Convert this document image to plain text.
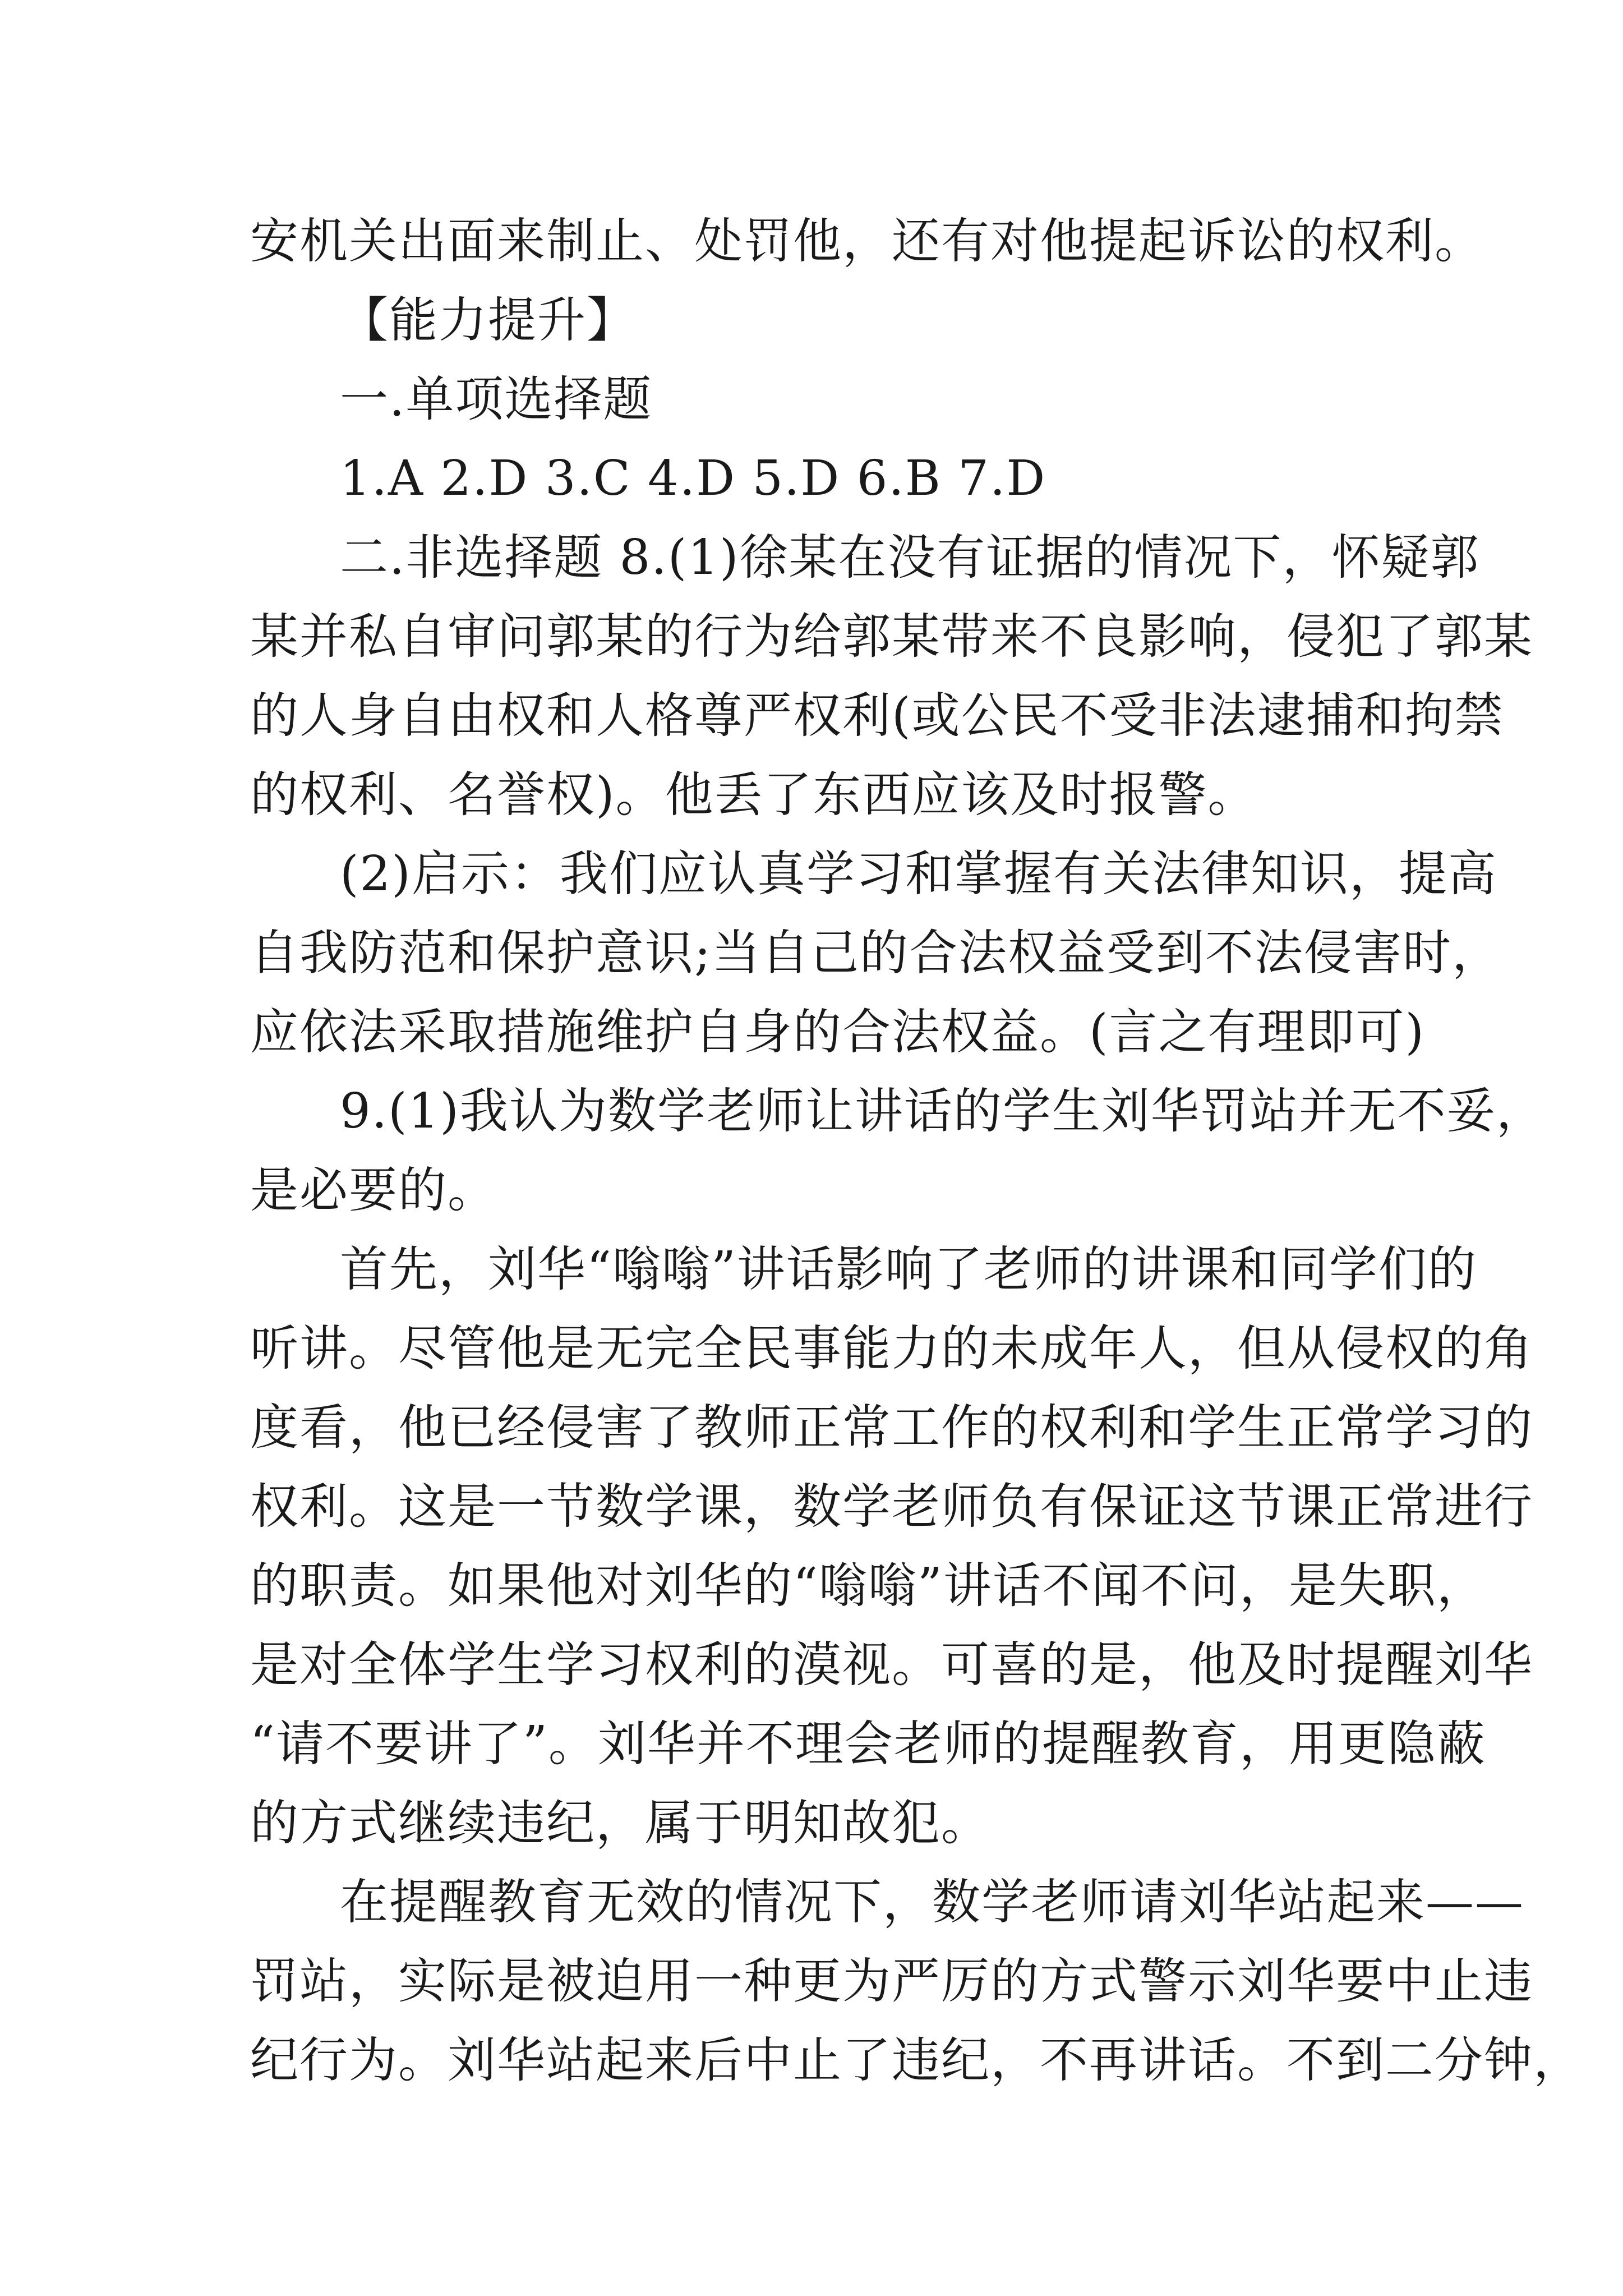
安机关出面来制止、处罚他，还有对他提起诉讼的权利。
【能力提升】
一.单项选择题
1.A 2.D 3.C 4.D 5.D 6.B 7.D
二.非选择题 8.(1)徐某在没有证据的情况下，怀疑郭
某并私自审问郭某的行为给郭某带来不良影响，侵犯了郭某
的人身自由权和人格尊严权利(或公民不受非法逮捕和拘禁
的权利、名誉权)。他丢了东西应该及时报警。
(2)启示：我们应认真学习和掌握有关法律知识，提高
自我防范和保护意识;当自己的合法权益受到不法侵害时，
应依法采取措施维护自身的合法权益。(言之有理即可)
9.(1)我认为数学老师让讲话的学生刘华罚站并无不妥，
是必要的。
首先，刘华“嗡嗡”讲话影响了老师的讲课和同学们的
听讲。尽管他是无完全民事能力的未成年人，但从侵权的角
度看，他已经侵害了教师正常工作的权利和学生正常学习的
权利。这是一节数学课，数学老师负有保证这节课正常进行
的职责。如果他对刘华的“嗡嗡”讲话不闻不问，是失职，
是对全体学生学习权利的漠视。可喜的是，他及时提醒刘华
“请不要讲了”。刘华并不理会老师的提醒教育，用更隐蔽
的方式继续违纪，属于明知故犯。
在提醒教育无效的情况下，数学老师请刘华站起来——
罚站，实际是被迫用一种更为严厉的方式警示刘华要中止违
纪行为。刘华站起来后中止了违纪，不再讲话。不到二分钟，
